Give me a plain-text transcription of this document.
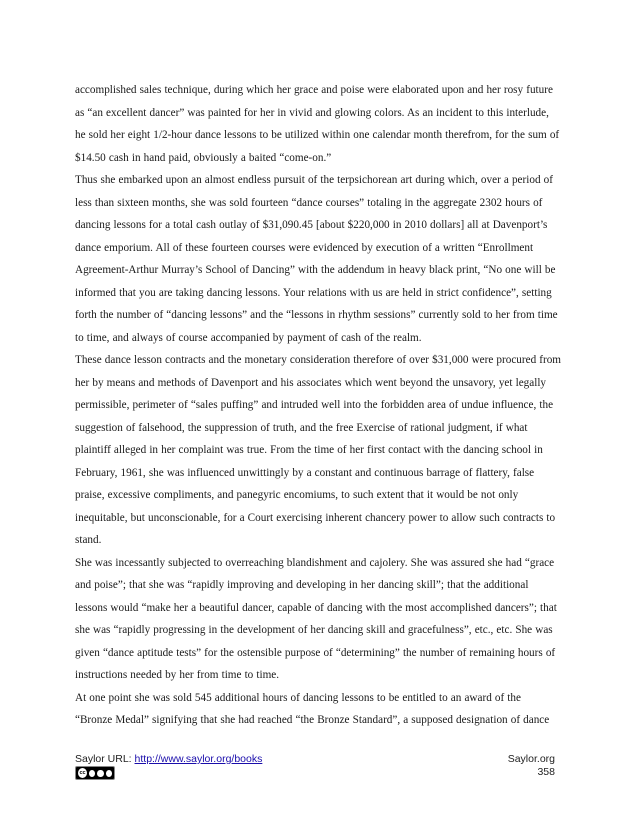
accomplished sales technique, during which her grace and poise were elaborated upon and her rosy future as “an excellent dancer” was painted for her in vivid and glowing colors. As an incident to this interlude, he sold her eight 1/2-hour dance lessons to be utilized within one calendar month therefrom, for the sum of $14.50 cash in hand paid, obviously a baited “come-on.”

Thus she embarked upon an almost endless pursuit of the terpsichorean art during which, over a period of less than sixteen months, she was sold fourteen “dance courses” totaling in the aggregate 2302 hours of dancing lessons for a total cash outlay of $31,090.45 [about $220,000 in 2010 dollars] all at Davenport’s dance emporium. All of these fourteen courses were evidenced by execution of a written “Enrollment Agreement-Arthur Murray’s School of Dancing” with the addendum in heavy black print, “No one will be informed that you are taking dancing lessons. Your relations with us are held in strict confidence”, setting forth the number of “dancing lessons” and the “lessons in rhythm sessions” currently sold to her from time to time, and always of course accompanied by payment of cash of the realm.

These dance lesson contracts and the monetary consideration therefore of over $31,000 were procured from her by means and methods of Davenport and his associates which went beyond the unsavory, yet legally permissible, perimeter of “sales puffing” and intruded well into the forbidden area of undue influence, the suggestion of falsehood, the suppression of truth, and the free Exercise of rational judgment, if what plaintiff alleged in her complaint was true. From the time of her first contact with the dancing school in February, 1961, she was influenced unwittingly by a constant and continuous barrage of flattery, false praise, excessive compliments, and panegyric encomiums, to such extent that it would be not only inequitable, but unconscionable, for a Court exercising inherent chancery power to allow such contracts to stand.

She was incessantly subjected to overreaching blandishment and cajolery. She was assured she had “grace and poise”; that she was “rapidly improving and developing in her dancing skill”; that the additional lessons would “make her a beautiful dancer, capable of dancing with the most accomplished dancers”; that she was “rapidly progressing in the development of her dancing skill and gracefulness”, etc., etc. She was given “dance aptitude tests” for the ostensible purpose of “determining” the number of remaining hours of instructions needed by her from time to time.

At one point she was sold 545 additional hours of dancing lessons to be entitled to an award of the “Bronze Medal” signifying that she had reached “the Bronze Standard”, a supposed designation of dance

Saylor URL: http://www.saylor.org/books
cc
Saylor.org
358
